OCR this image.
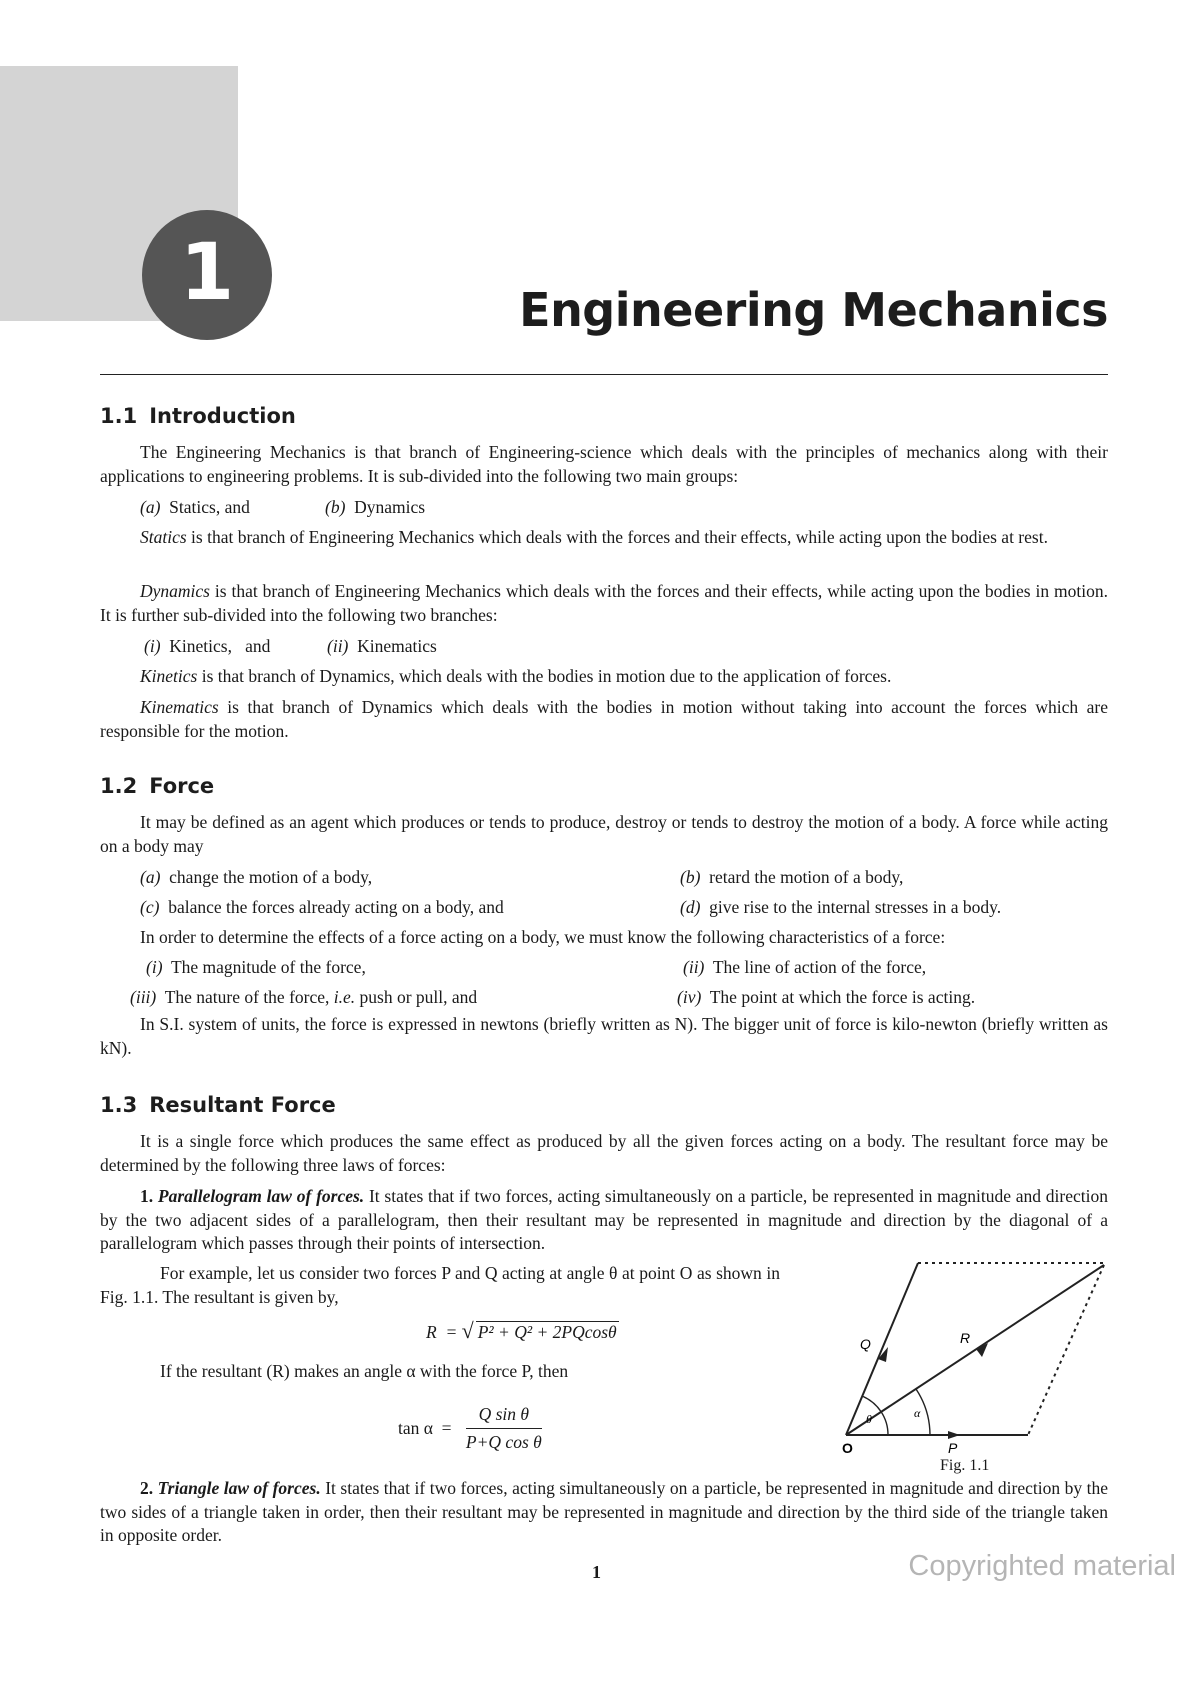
1	Engineering Mechanics
1.1 Introduction

The Engineering Mechanics is that branch of Engineering-science which deals with the principles of mechanics along with their applications to engineering problems. It is sub-divided into the following two main groups:

(a) Statics, and	(b) Dynamics

Statics is that branch of Engineering Mechanics which deals with the forces and their effects, while acting upon the bodies at rest.

Dynamics is that branch of Engineering Mechanics which deals with the forces and their effects, while acting upon the bodies in motion. It is further sub-divided into the following two branches:

(i) Kinetics,   and	(ii) Kinematics

Kinetics is that branch of Dynamics, which deals with the bodies in motion due to the application of forces.

Kinematics is that branch of Dynamics which deals with the bodies in motion without taking into account the forces which are responsible for the motion.

1.2 Force

It may be defined as an agent which produces or tends to produce, destroy or tends to destroy the motion of a body. A force while acting on a body may

(a) change the motion of a body,	(b) retard the motion of a body,
(c) balance the forces already acting on a body, and	(d) give rise to the internal stresses in a body.

In order to determine the effects of a force acting on a body, we must know the following characteristics of a force:

(i) The magnitude of the force,	(ii) The line of action of the force,
(iii) The nature of the force, i.e. push or pull, and	(iv) The point at which the force is acting.

In S.I. system of units, the force is expressed in newtons (briefly written as N). The bigger unit of force is kilo-newton (briefly written as kN).

1.3 Resultant Force

It is a single force which produces the same effect as produced by all the given forces acting on a body. The resultant force may be determined by the following three laws of forces:

1. Parallelogram law of forces. It states that if two forces, acting simultaneously on a particle, be represented in magnitude and direction by the two adjacent sides of a parallelogram, then their resultant may be represented in magnitude and direction by the diagonal of a parallelogram which passes through their points of intersection.

For example, let us consider two forces P and Q acting at angle θ at point O as shown in Fig. 1.1. The resultant is given by,

R  = √ P² + Q² + 2PQcosθ

If the resultant (R) makes an angle α with the force P, then

$\tan \alpha = \frac{\text{Q sin θ}}{\text{P+Q cos θ}}$	θ	α
O	P
Q	R
Fig. 1.1

2. Triangle law of forces. It states that if two forces, acting simultaneously on a particle, be represented in magnitude and direction by the two sides of a triangle taken in order, then their resultant may be represented in magnitude and direction by the third side of the triangle taken in opposite order.

1	Copyrighted material
